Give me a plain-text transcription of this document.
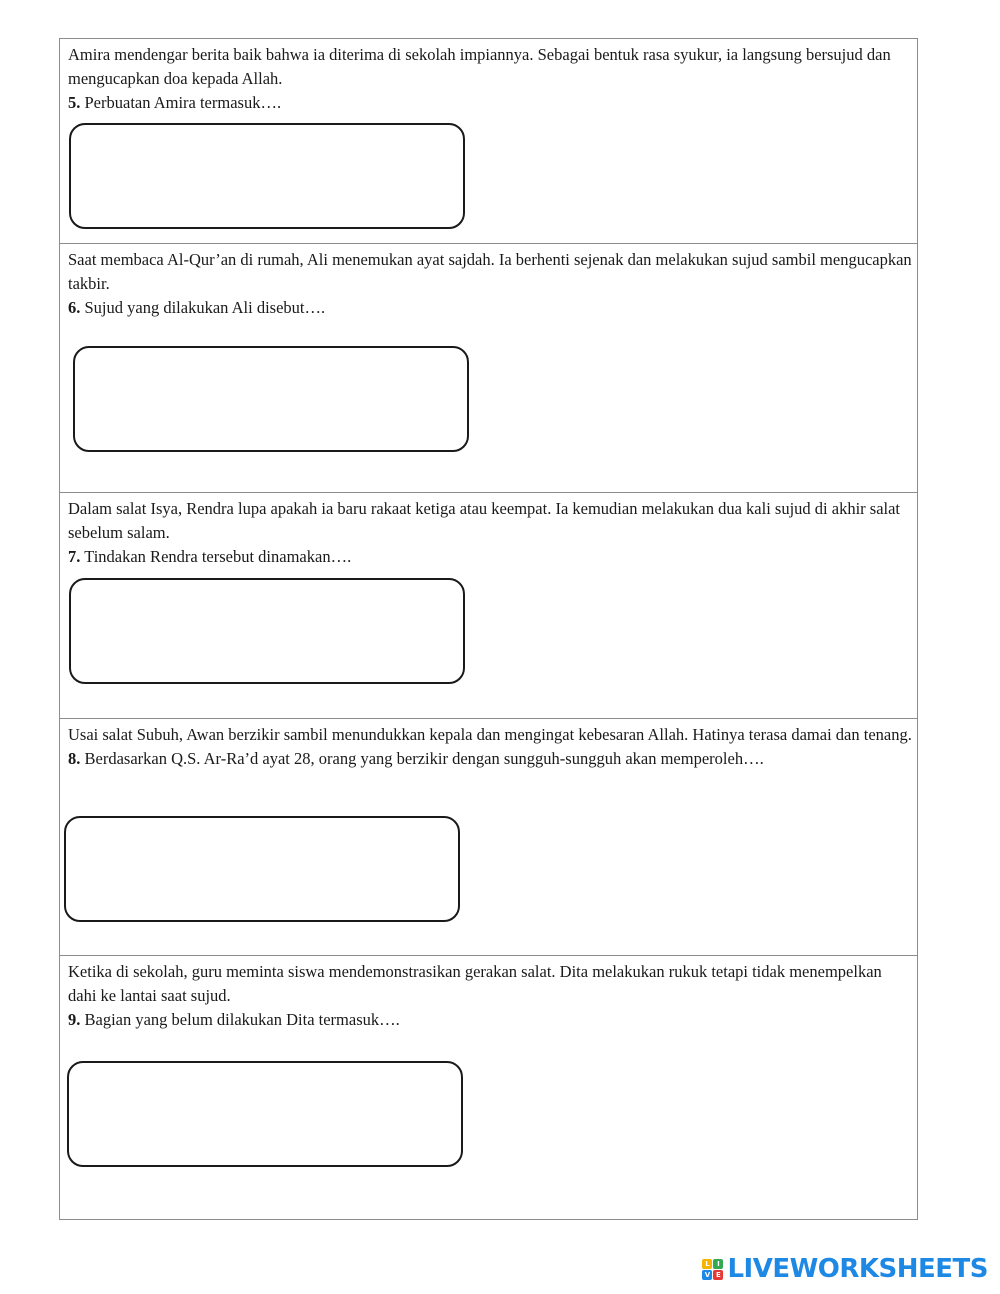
Amira mendengar berita baik bahwa ia diterima di sekolah impiannya. Sebagai bentuk rasa syukur, ia langsung bersujud dan mengucapkan doa kepada Allah.

5. Perbuatan Amira termasuk….

Saat membaca Al-Qur’an di rumah, Ali menemukan ayat sajdah. Ia berhenti sejenak dan melakukan sujud sambil mengucapkan takbir.

6. Sujud yang dilakukan Ali disebut….

Dalam salat Isya, Rendra lupa apakah ia baru rakaat ketiga atau keempat. Ia kemudian melakukan dua kali sujud di akhir salat sebelum salam.

7. Tindakan Rendra tersebut dinamakan….

Usai salat Subuh, Awan berzikir sambil menundukkan kepala dan mengingat kebesaran Allah. Hatinya terasa damai dan tenang.

8. Berdasarkan Q.S. Ar-Ra’d ayat 28, orang yang berzikir dengan sungguh-sungguh akan memperoleh….

Ketika di sekolah, guru meminta siswa mendemonstrasikan gerakan salat. Dita melakukan rukuk tetapi tidak menempelkan dahi ke lantai saat sujud.

9. Bagian yang belum dilakukan Dita termasuk….

L	I
V E LIVEWORKSHEETS
